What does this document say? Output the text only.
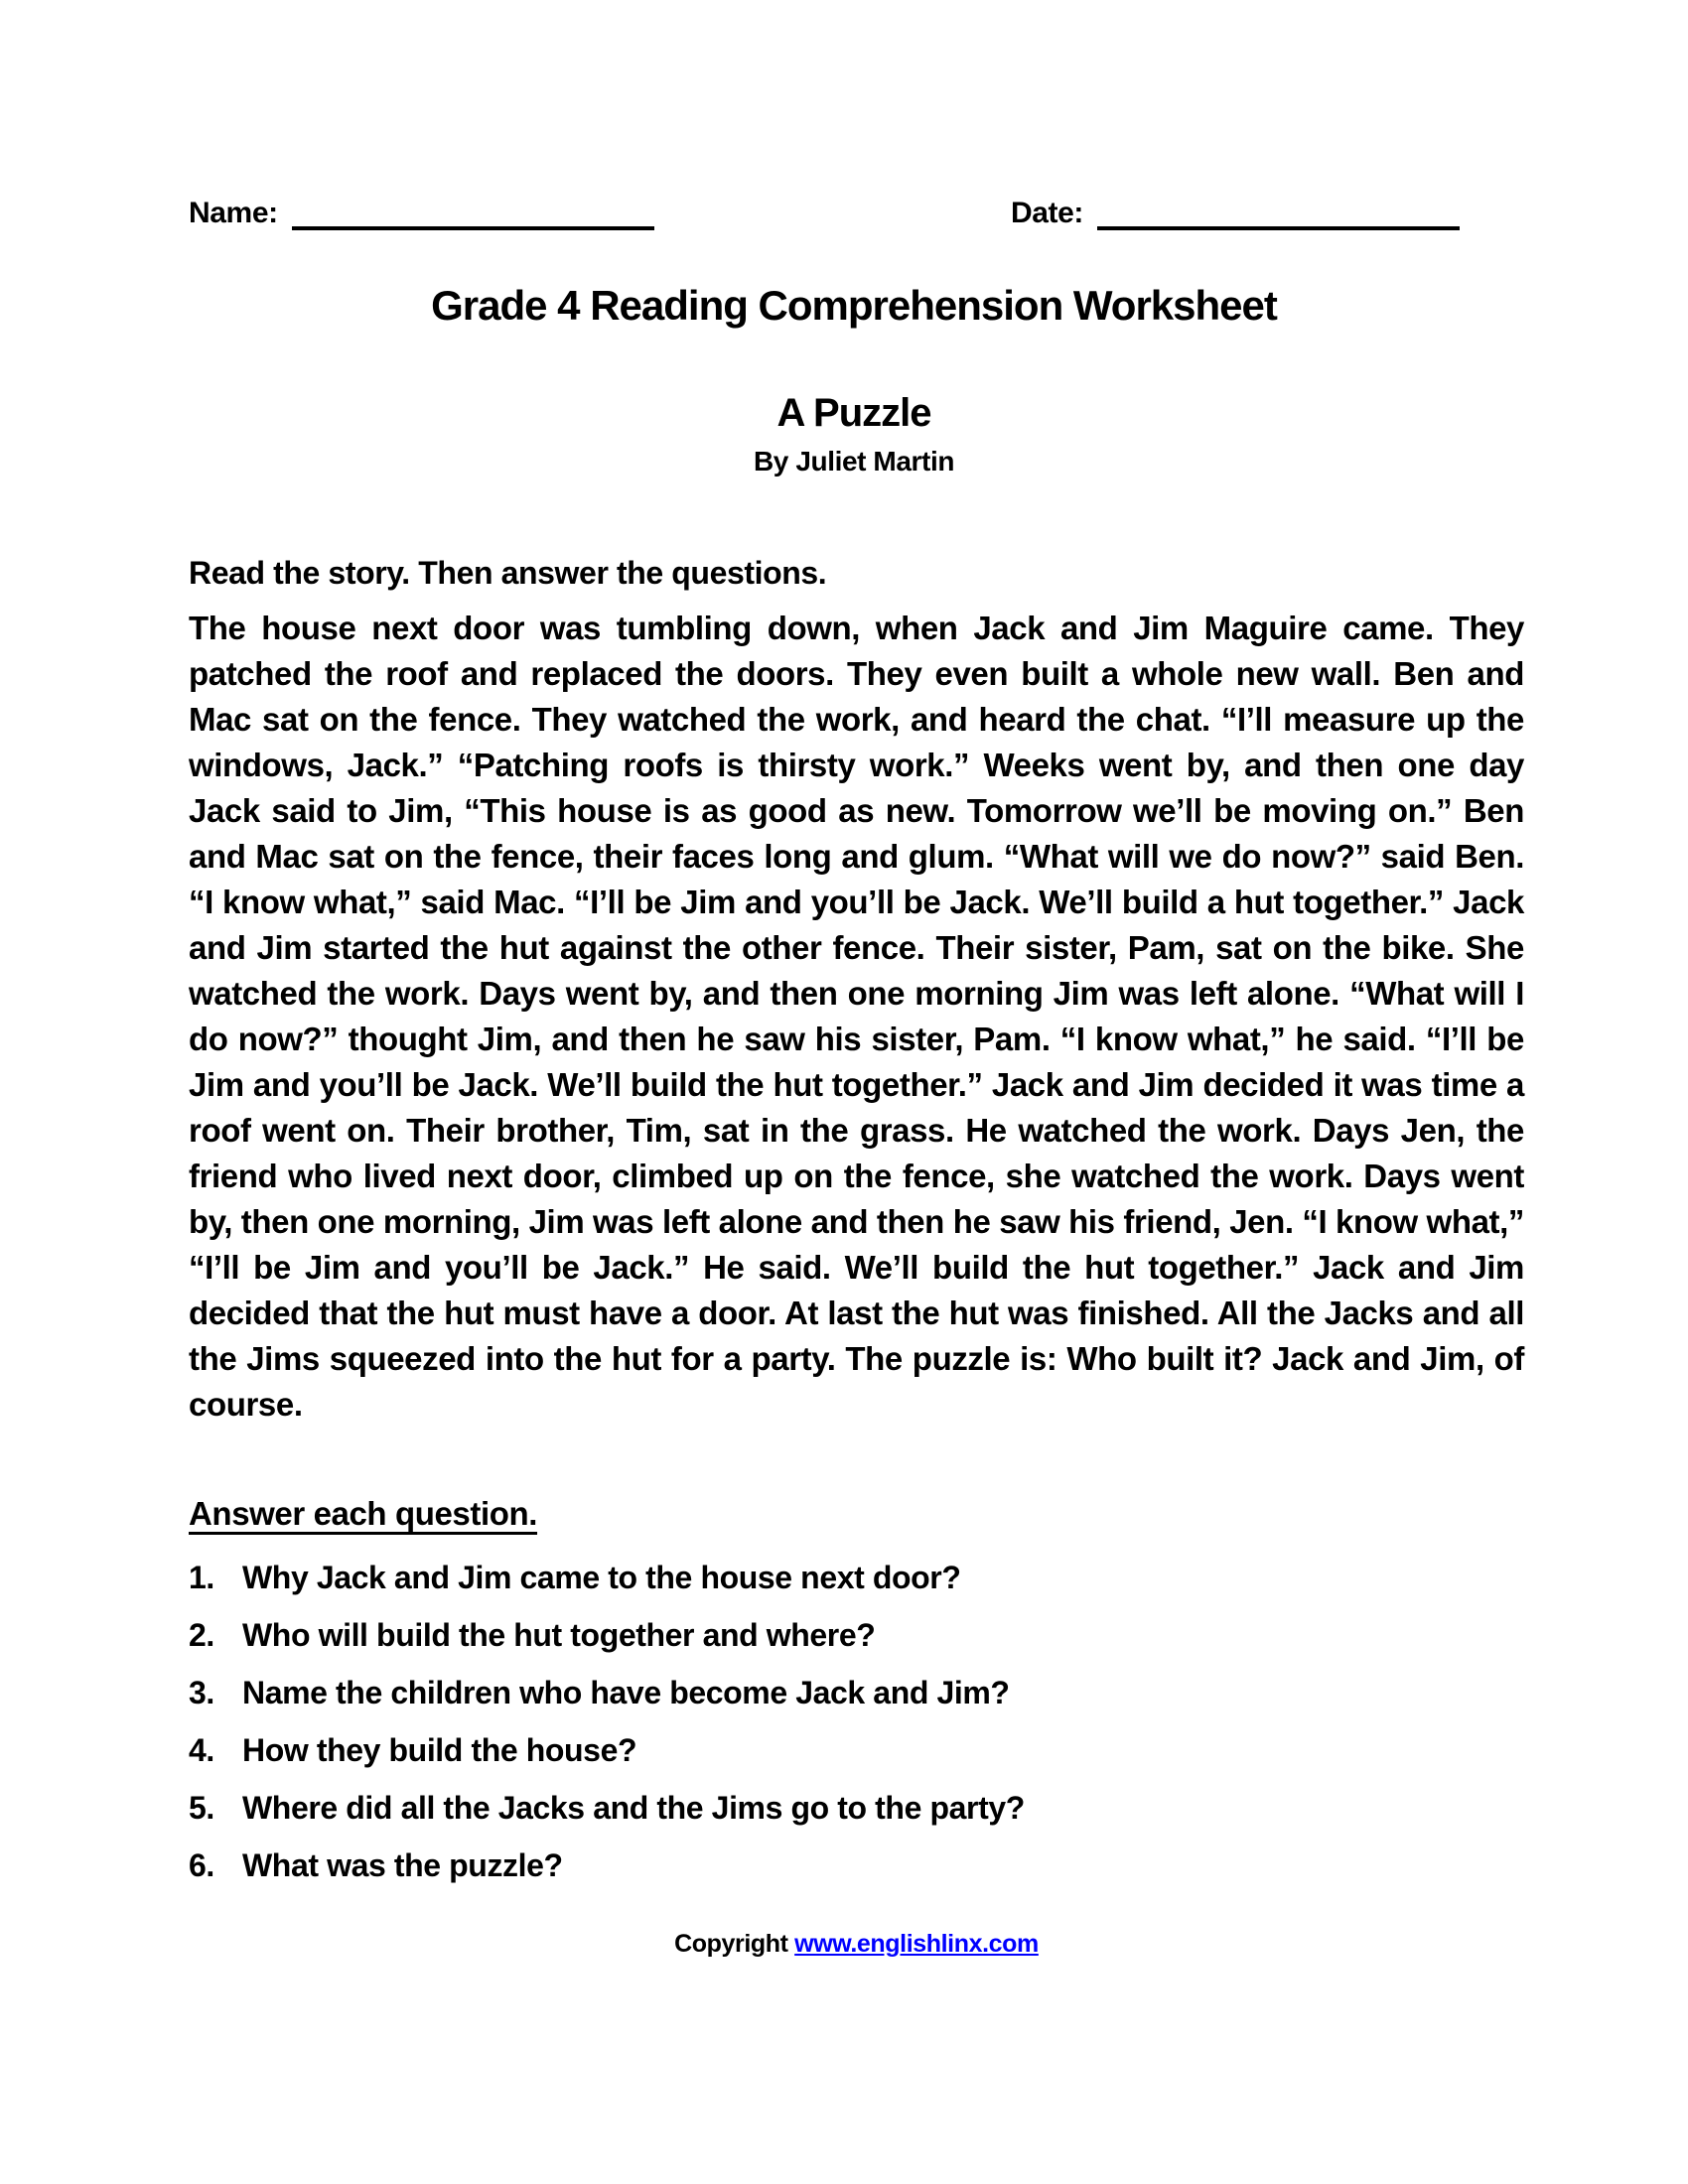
Name:	Date:
Grade 4 Reading Comprehension Worksheet
A Puzzle
By Juliet Martin
Read the story. Then answer the questions.
The house next door was tumbling down, when Jack and Jim Maguire came. They patched the roof and replaced the doors. They even built a whole new wall. Ben and Mac sat on the fence. They watched the work, and heard the chat. “I’ll measure up the windows, Jack.” “Patching roofs is thirsty work.” Weeks went by, and then one day Jack said to Jim, “This house is as good as new. Tomorrow we’ll be moving on.” Ben and Mac sat on the fence, their faces long and glum. “What will we do now?” said Ben. “I know what,” said Mac. “I’ll be Jim and you’ll be Jack. We’ll build a hut together.” Jack and Jim started the hut against the other fence. Their sister, Pam, sat on the bike. She watched the work. Days went by, and then one morning Jim was left alone. “What will I do now?” thought Jim, and then he saw his sister, Pam. “I know what,” he said. “I’ll be Jim and you’ll be Jack. We’ll build the hut together.” Jack and Jim decided it was time a roof went on. Their brother, Tim, sat in the grass. He watched the work. Days Jen, the friend who lived next door, climbed up on the fence, she watched the work. Days went by, then one morning, Jim was left alone and then he saw his friend, Jen. “I know what,” “I’ll be Jim and you’ll be Jack.” He said. We’ll build the hut together.” Jack and Jim decided that the hut must have a door. At last the hut was finished. All the Jacks and all the Jims squeezed into the hut for a party. The puzzle is: Who built it? Jack and Jim, of course.
Answer each question.
1. Why Jack and Jim came to the house next door?
2. Who will build the hut together and where?
3. Name the children who have become Jack and Jim?
4. How they build the house?
5. Where did all the Jacks and the Jims go to the party?
6. What was the puzzle?
Copyright www.englishlinx.com
